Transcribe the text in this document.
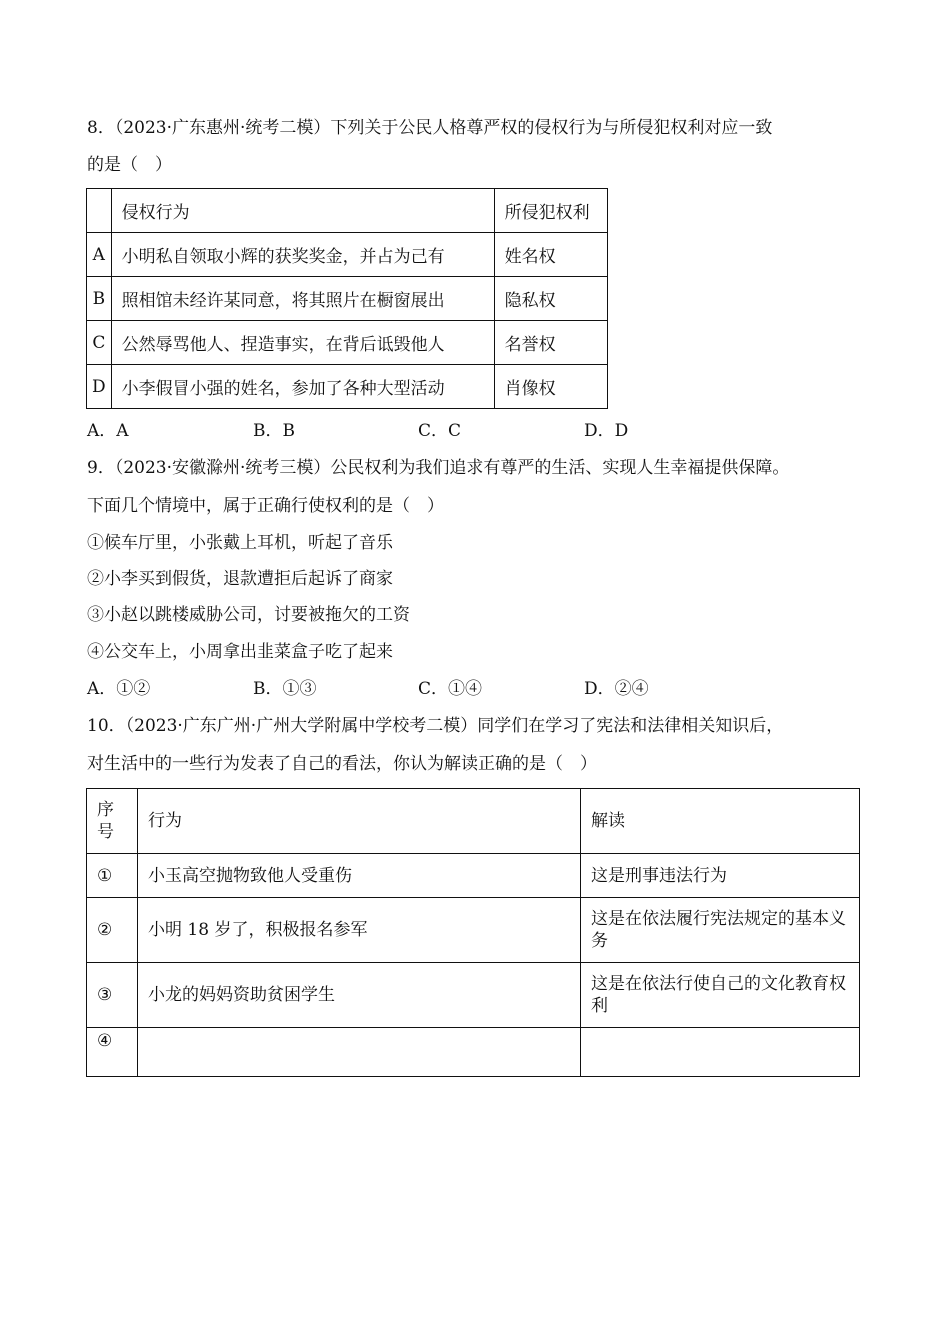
8．（2023·广东惠州·统考二模）下列关于公民人格尊严权的侵权行为与所侵犯权利对应一致
的是（　）
	侵权行为	所侵犯权利
A	小明私自领取小辉的获奖奖金，并占为己有	姓名权
B	照相馆未经许某同意，将其照片在橱窗展出	隐私权
C	公然辱骂他人、捏造事实，在背后诋毁他人	名誉权
D	小李假冒小强的姓名，参加了各种大型活动	肖像权
A．A	B．B	C．C	D．D
9．（2023·安徽滁州·统考三模）公民权利为我们追求有尊严的生活、实现人生幸福提供保障。
下面几个情境中，属于正确行使权利的是（　）
①候车厅里，小张戴上耳机，听起了音乐
②小李买到假货，退款遭拒后起诉了商家
③小赵以跳楼威胁公司，讨要被拖欠的工资
④公交车上，小周拿出韭菜盒子吃了起来
A．①②	B．①③	C．①④	D．②④
10．（2023·广东广州·广州大学附属中学校考二模）同学们在学习了宪法和法律相关知识后，
对生活中的一些行为发表了自己的看法，你认为解读正确的是（　）
序号	行为	解读
①	小玉高空抛物致他人受重伤	这是刑事违法行为
②	小明 18 岁了，积极报名参军	这是在依法履行宪法规定的基本义务
③	小龙的妈妈资助贫困学生	这是在依法行使自己的文化教育权利
④		
